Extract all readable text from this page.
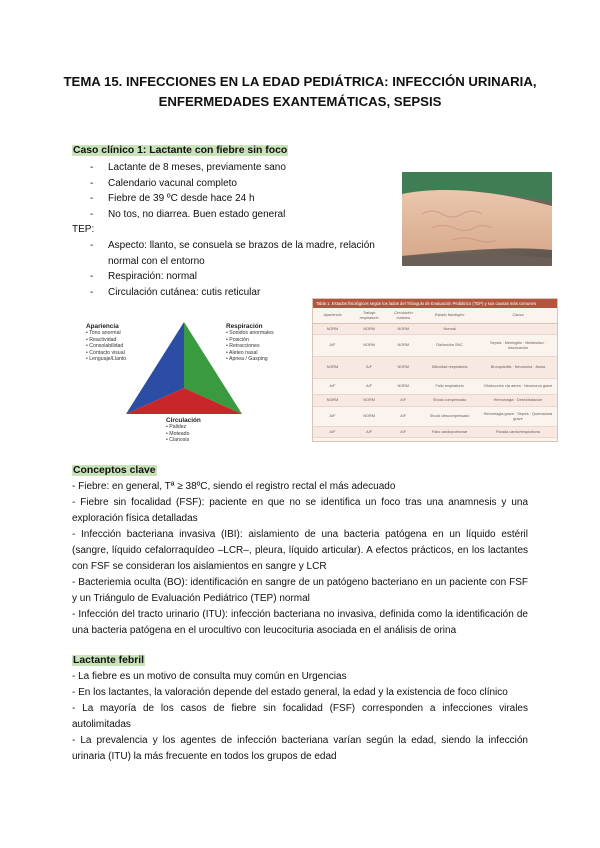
TEMA 15. INFECCIONES EN LA EDAD PEDIÁTRICA: INFECCIÓN URINARIA,
ENFERMEDADES EXANTEMÁTICAS, SEPSIS
Caso clínico 1: Lactante con fiebre sin foco
- Lactante de 8 meses, previamente sano
- Calendario vacunal completo
- Fiebre de 39 ºC desde hace 24 h
- No tos, no diarrea. Buen estado general
TEP:
- Aspecto: llanto, se consuela se brazos de la madre, relación
normal con el entorno
- Respiración: normal
- Circulación cutánea: cutis reticular
Apariencia
• Tono anormal
• Reactividad
• Consolabilidad
• Contacto visual
• Lenguaje/Llanto
Respiración
• Sonidos anormales
• Posición
• Retracciones
• Aleteo nasal
• Apnea / Gasping
Circulación
• Palidez
• Moteado
• Cianosis
Tabla 1. Estados fisiológicos según los lados del Triángulo de Evaluación Pediátrico (TEP) y sus causas más comunes
Apariencia	Trabajo respiratorio	Circulación cutánea	Estado fisiológico	Causa
NORM	NORM	NORM	Normal	
A/F	NORM	NORM	Disfunción SNC	Sepsis · Meningitis · Metabólico · Intoxicación
NORM	A/F	NORM	Dificultad respiratoria	Bronquiolitis · Neumonía · Asma
A/F	A/F	NORM	Fallo respiratorio	Obstrucción vía aérea · Neumonía grave
NORM	NORM	A/F	Shock compensado	Hemorragia · Deshidratación
A/F	NORM	A/F	Shock descompensado	Hemorragia grave · Sepsis · Quemadura grave
A/F	A/F	A/F	Fallo cardiopulmonar	Parada cardiorrespiratoria
Conceptos clave

- Fiebre: en general, Tª ≥ 38ºC, siendo el registro rectal el más adecuado

- Fiebre sin focalidad (FSF): paciente en que no se identifica un foco tras una anamnesis y una exploración física detalladas

- Infección bacteriana invasiva (IBI): aislamiento de una bacteria patógena en un líquido estéril (sangre, líquido cefalorraquídeo –LCR–, pleura, líquido articular). A efectos prácticos, en los lactantes con FSF se consideran los aislamientos en sangre y LCR

- Bacteriemia oculta (BO): identificación en sangre de un patógeno bacteriano en un paciente con FSF y un Triángulo de Evaluación Pediátrico (TEP) normal

- Infección del tracto urinario (ITU): infección bacteriana no invasiva, definida como la identificación de una bacteria patógena en el urocultivo con leucocituria asociada en el análisis de orina

Lactante febril

- La fiebre es un motivo de consulta muy común en Urgencias

- En los lactantes, la valoración depende del estado general, la edad y la existencia de foco clínico

- La mayoría de los casos de fiebre sin focalidad (FSF) corresponden a infecciones virales autolimitadas

- La prevalencia y los agentes de infección bacteriana varían según la edad, siendo la infección urinaria (ITU) la más frecuente en todos los grupos de edad
